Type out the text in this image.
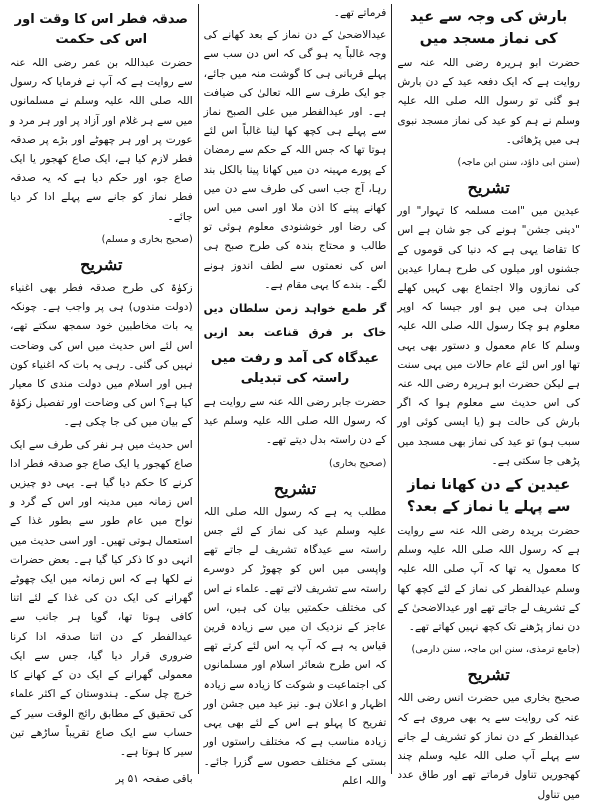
بارش کی وجہ سے عید کی نماز مسجد میں

حضرت ابو ہریرہ رضی اللہ عنہ سے روایت ہے کہ ایک دفعہ عید کے دن بارش ہو گئی تو رسول اللہ صلی اللہ علیہ وسلم نے ہم کو عید کی نماز مسجد نبوی ہی میں پڑھائی۔

(سنن ابی داؤد، سنن ابن ماجہ)

تشریح

عیدین میں "امت مسلمہ کا تہوار" اور "دینی جشن" ہونے کی جو شان ہے اس کا تقاضا یہی ہے کہ دنیا کی قوموں کے جشنوں اور میلوں کی طرح ہمارا عیدین کی نمازوں والا اجتماع بھی کہیں کھلے میدان ہی میں ہو اور جیسا کہ اوپر معلوم ہو چکا رسول اللہ صلی اللہ علیہ وسلم کا عام معمول و دستور بھی یہی تھا اور اس لئے عام حالات میں یہی سنت ہے لیکن حضرت ابو ہریرہ رضی اللہ عنہ کی اس حدیث سے معلوم ہوا کہ اگر بارش کی حالت ہو (یا ایسی کوئی اور سبب ہو) تو عید کی نماز بھی مسجد میں پڑھی جا سکتی ہے۔

عیدین کے دن کھانا نماز سے پہلے یا نماز کے بعد؟

حضرت بریدہ رضی اللہ عنہ سے روایت ہے کہ رسول اللہ صلی اللہ علیہ وسلم کا معمول یہ تھا کہ آپ صلی اللہ علیہ وسلم عیدالفطر کی نماز کے لئے کچھ کھا کے تشریف لے جاتے تھے اور عیدالاضحیٰ کے دن نماز پڑھنے تک کچھ نہیں کھاتے تھے۔

(جامع ترمذی، سنن ابن ماجہ، سنن دارمی)

تشریح

صحیح بخاری میں حضرت انس رضی اللہ عنہ کی روایت سے یہ بھی مروی ہے کہ عیدالفطر کے دن نماز کو تشریف لے جانے سے پہلے آپ صلی اللہ علیہ وسلم چند کھجوریں تناول فرماتے تھے اور طاق عدد میں تناول

فرماتے تھے۔

عیدالاضحیٰ کے دن نماز کے بعد کھانے کی وجہ غالباً یہ ہو گی کہ اس دن سب سے پہلے قربانی ہی کا گوشت منہ میں جائے، جو ایک طرف سے اللہ تعالیٰ کی ضیافت ہے۔ اور عیدالفطر میں علی الصبح نماز سے پہلے ہی کچھ کھا لینا غالباً اس لئے ہوتا تھا کہ جس اللہ کے حکم سے رمضان کے پورے مہینہ دن میں کھانا پینا بالکل بند رہا، آج جب اسی کی طرف سے دن میں کھانے پینے کا اذن ملا اور اسی میں اس کی رضا اور خوشنودی معلوم ہوئی تو طالب و محتاج بندہ کی طرح صبح ہی اس کی نعمتوں سے لطف اندوز ہونے لگے۔ بندے کا یہی مقام ہے۔

گر طمع خواہد زمن سلطان دیں
خاک بر فرق قناعت بعد ازیں
عیدگاہ کی آمد و رفت میں راستہ کی تبدیلی

حضرت جابر رضی اللہ عنہ سے روایت ہے کہ رسول اللہ صلی اللہ علیہ وسلم عید کے دن راستہ بدل دیتے تھے۔

(صحیح بخاری)

تشریح

مطلب یہ ہے کہ رسول اللہ صلی اللہ علیہ وسلم عید کی نماز کے لئے جس راستہ سے عیدگاہ تشریف لے جاتے تھے واپسی میں اس کو چھوڑ کر دوسرے راستہ سے تشریف لاتے تھے۔ علماء نے اس کی مختلف حکمتیں بیان کی ہیں، اس عاجز کے نزدیک ان میں سے زیادہ قرین قیاس یہ ہے کہ آپ یہ اس لئے کرتے تھے کہ اس طرح شعائر اسلام اور مسلمانوں کی اجتماعیت و شوکت کا زیادہ سے زیادہ اظہار و اعلان ہو۔ نیز عید میں جشن اور تفریح کا پہلو ہے اس کے لئے بھی یہی زیادہ مناسب ہے کہ مختلف راستوں اور بستی کے مختلف حصوں سے گزرا جائے۔ واللہ اعلم

صدقہ فطر اس کا وقت اور اس کی حکمت

حضرت عبداللہ بن عمر رضی اللہ عنہ سے روایت ہے کہ آپ نے فرمایا کہ رسول اللہ صلی اللہ علیہ وسلم نے مسلمانوں میں سے ہر غلام اور آزاد پر اور ہر مرد و عورت پر اور ہر چھوٹے اور بڑے پر صدقہ فطر لازم کیا ہے، ایک صاع کھجور یا ایک صاع جو، اور حکم دیا ہے کہ یہ صدقہ فطر نماز کو جانے سے پہلے ادا کر دیا جائے۔

(صحیح بخاری و مسلم)

تشریح

زکوٰۃ کی طرح صدقہ فطر بھی اغنیاء (دولت مندوں) ہی پر واجب ہے۔ چونکہ یہ بات مخاطبین خود سمجھ سکتے تھے، اس لئے اس حدیث میں اس کی وضاحت نہیں کی گئی۔ رہی یہ بات کہ اغنیاء کون ہیں اور اسلام میں دولت مندی کا معیار کیا ہے؟ اس کی وضاحت اور تفصیل زکوٰۃ کے بیان میں کی جا چکی ہے۔

اس حدیث میں ہر نفر کی طرف سے ایک صاع کھجور یا ایک صاع جو صدقہ فطر ادا کرنے کا حکم دیا گیا ہے۔ یہی دو چیزیں اس زمانہ میں مدینہ اور اس کے گرد و نواح میں عام طور سے بطور غذا کے استعمال ہوتی تھیں۔ اور اسی حدیث میں انہی دو کا ذکر کیا گیا ہے۔ بعض حضرات نے لکھا ہے کہ اس زمانہ میں ایک چھوٹے گھرانے کی ایک دن کی غذا کے لئے اتنا کافی ہوتا تھا، گویا ہر جانب سے عیدالفطر کے دن اتنا صدقہ ادا کرنا ضروری قرار دیا گیا، جس سے ایک معمولی گھرانے کے ایک دن کے کھانے کا خرچ چل سکے۔ ہندوستان کے اکثر علماء کی تحقیق کے مطابق رائج الوقت سیر کے حساب سے ایک صاع تقریباً ساڑھے تین سیر کا ہوتا ہے۔

باقی صفحہ ۵۱ پر
